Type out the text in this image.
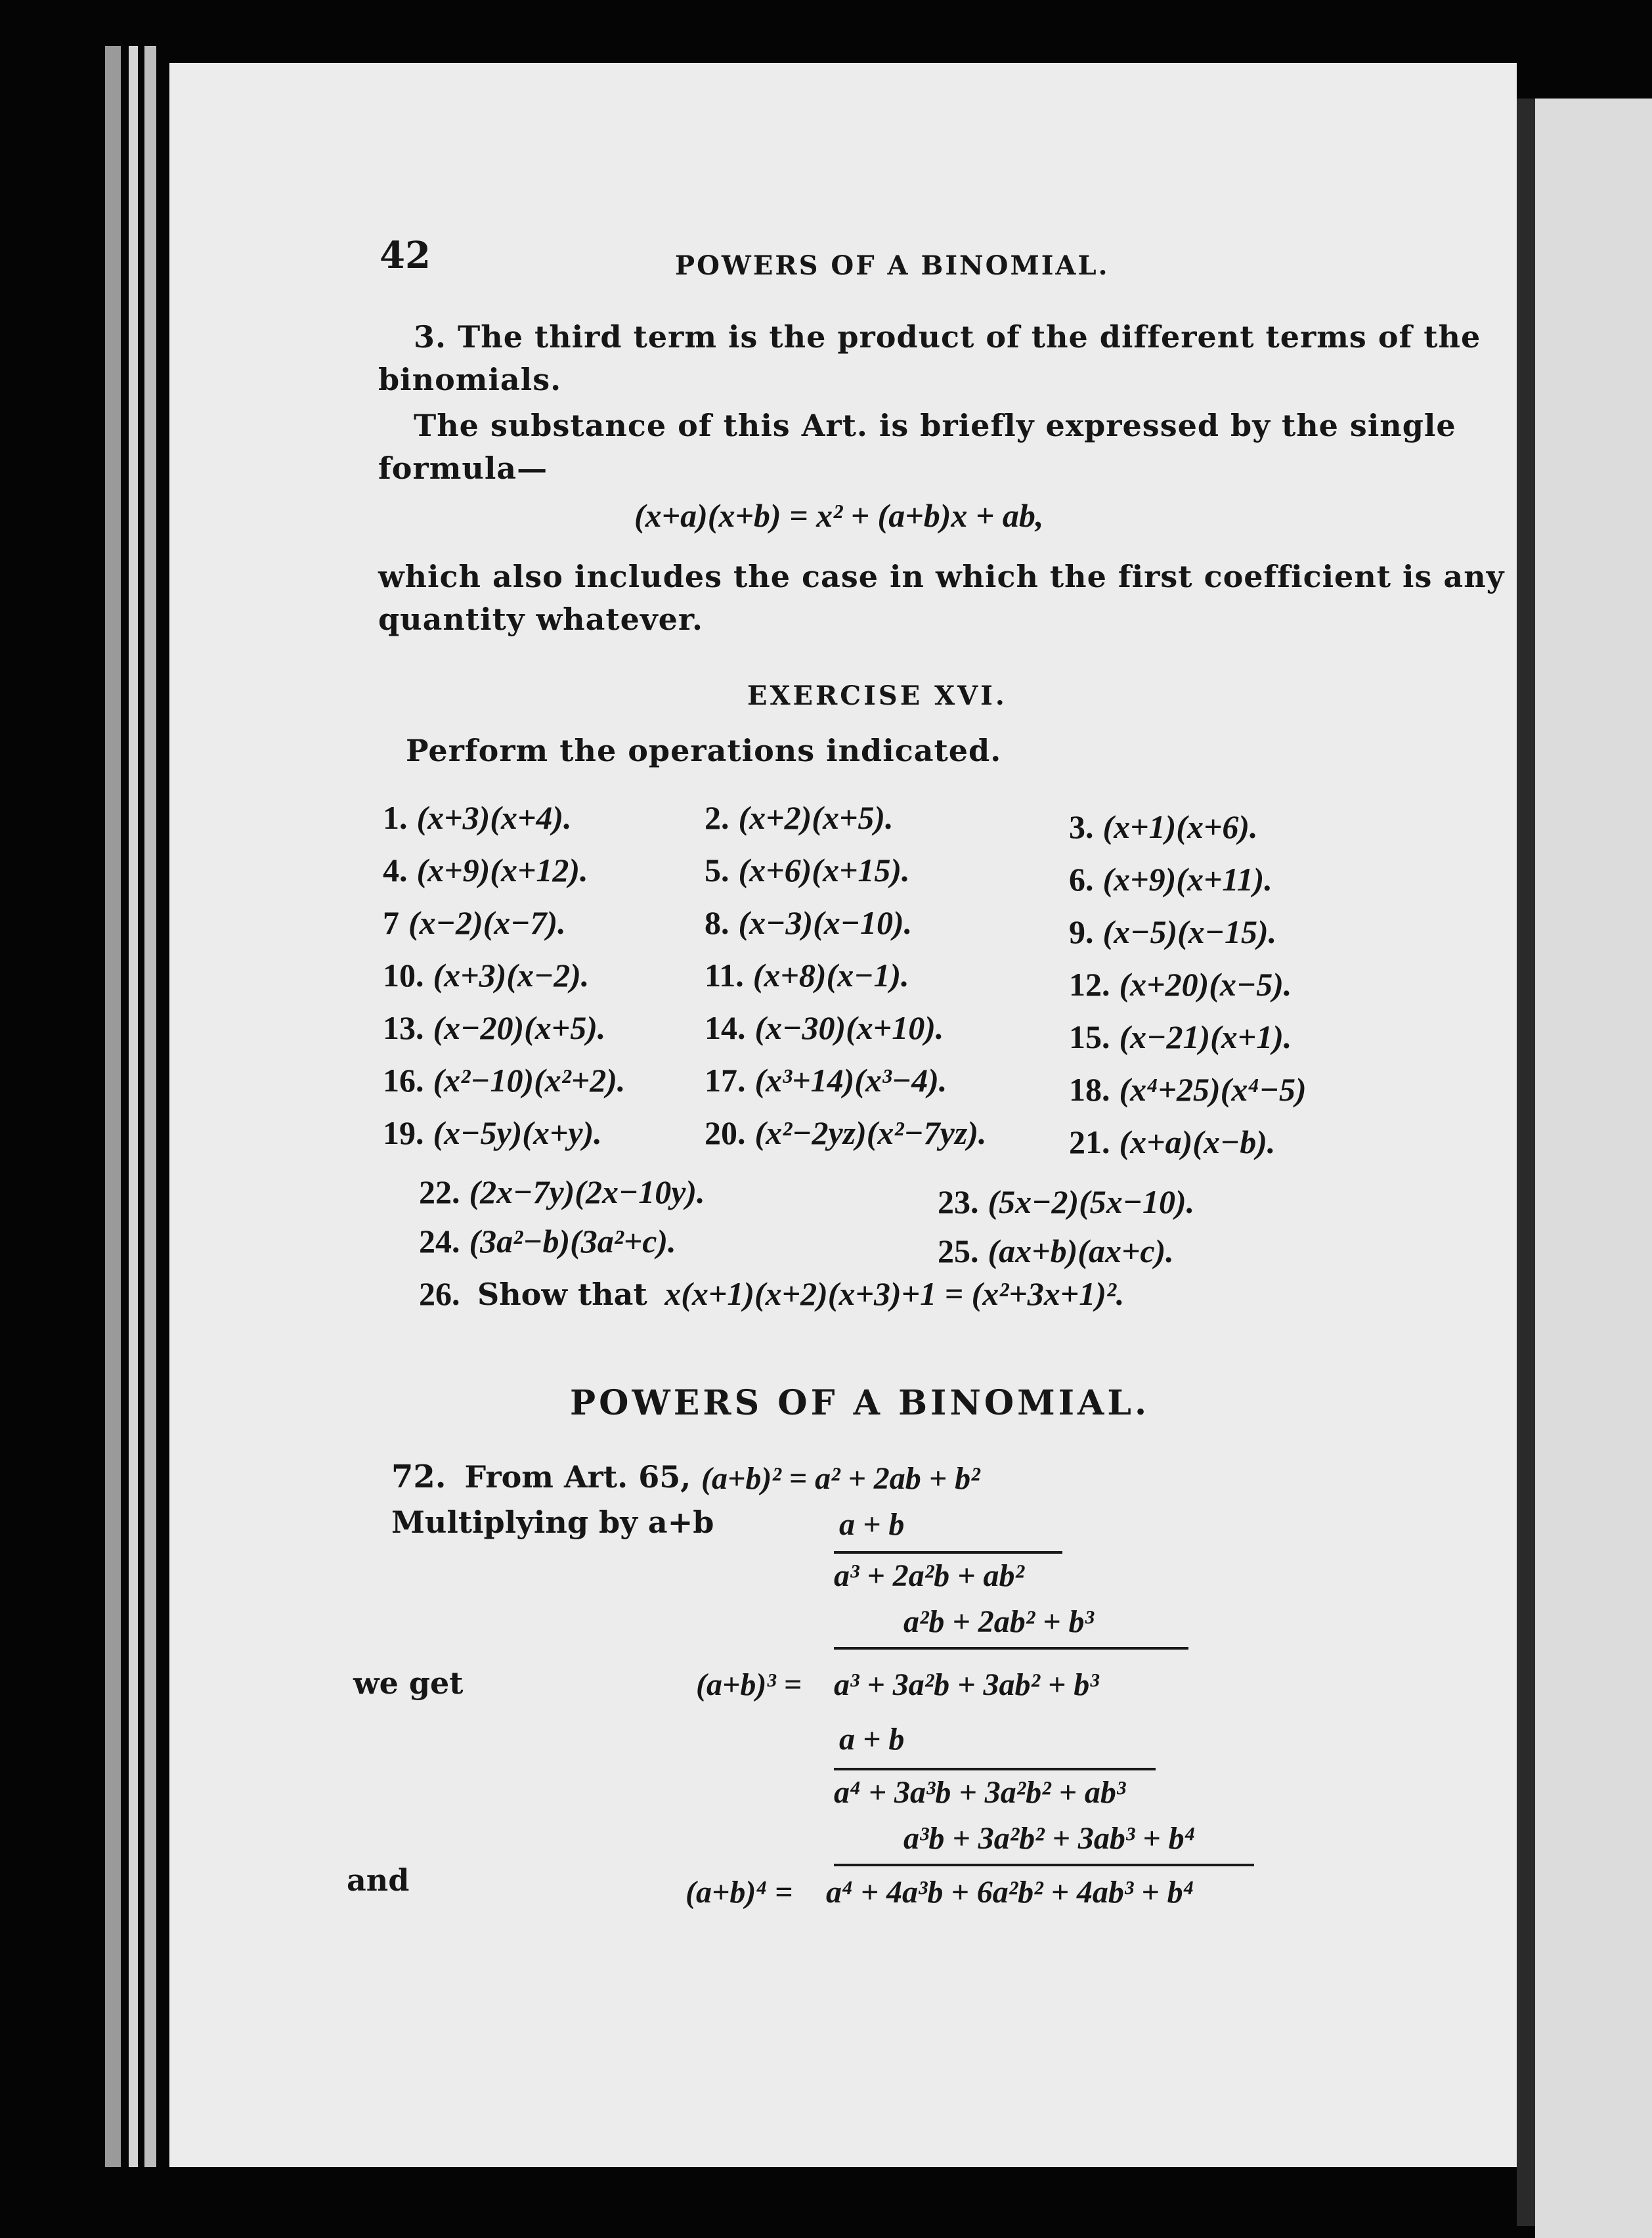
42	POWERS OF A BINOMIAL.
3. The third term is the product of the different terms of the
binomials.
The substance of this Art. is briefly expressed by the single
formula—
(x+a)(x+b) = x² + (a+b)x + ab,
which also includes the case in which the first coefficient is any
quantity whatever.
EXERCISE XVI.
Perform the operations indicated.
1. (x+3)(x+4).	2. (x+2)(x+5).	3. (x+1)(x+6).
4. (x+9)(x+12).	5. (x+6)(x+15).	6. (x+9)(x+11).
7 (x−2)(x−7).	8. (x−3)(x−10).	9. (x−5)(x−15).
10. (x+3)(x−2).	11. (x+8)(x−1).	12. (x+20)(x−5).
13. (x−20)(x+5).	14. (x−30)(x+10).	15. (x−21)(x+1).
16. (x²−10)(x²+2). 17. (x³+14)(x³−4).	18. (x⁴+25)(x⁴−5)
19. (x−5y)(x+y).	20. (x²−2yz)(x²−7yz).	21. (x+a)(x−b).
22. (2x−7y)(2x−10y).	23. (5x−2)(5x−10).
24. (3a²−b)(3a²+c).	25. (ax+b)(ax+c).
26. Show that x(x+1)(x+2)(x+3)+1 = (x²+3x+1)².
POWERS OF A BINOMIAL.
72. From Art. 65, (a+b)² = a² + 2ab + b²
Multiplying by a+b	a + b
a³ + 2a²b + ab²
a²b + 2ab² + b³
we get	(a+b)³ = a³ + 3a²b + 3ab² + b³
a + b
a⁴ + 3a³b + 3a²b² + ab³
a³b + 3a²b² + 3ab³ + b⁴
and	(a+b)⁴ = a⁴ + 4a³b + 6a²b² + 4ab³ + b⁴
